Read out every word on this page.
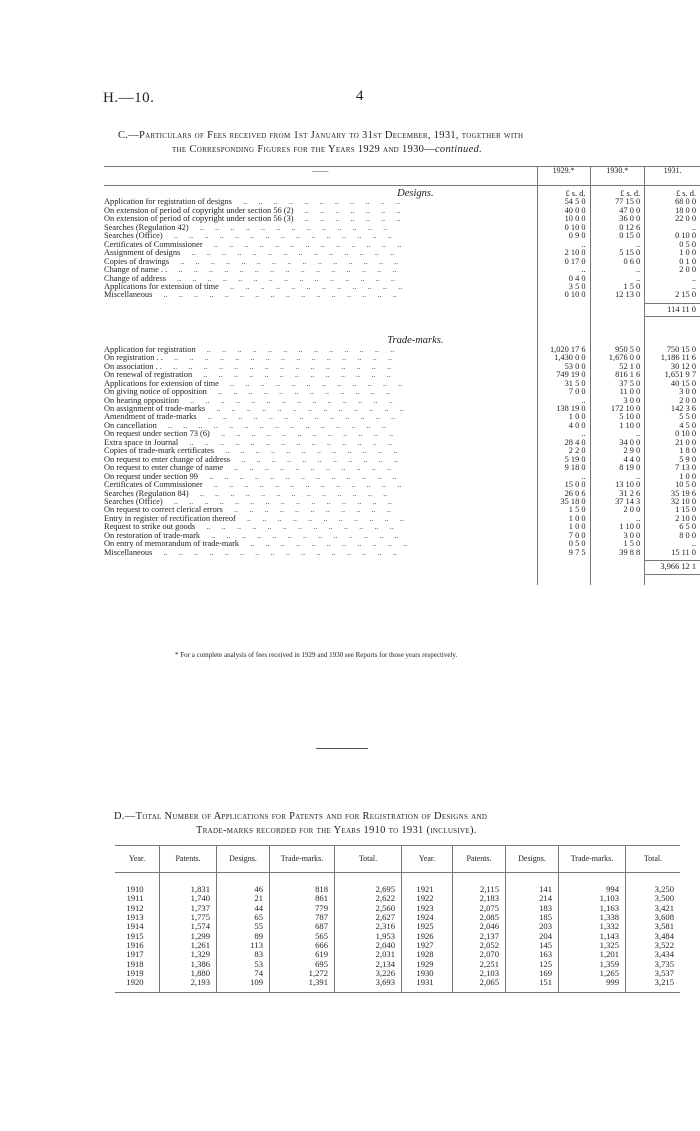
H.—10.	4
C.—Particulars of Fees received from 1st January to 31st December, 1931, together with
the Corresponding Figures for the Years 1929 and 1930—continued.
——	1929.*	1930.*	1931.

Designs.	£ s. d.	£ s. d.	£ s. d.
Application for registration of designs .. .. .. .. .. .. .. .. .. .. ..	54 5 0	77 15 0	68 0 0
On extension of period of copyright under section 56 (2) .. .. .. .. .. .. ..	40 0 0	47 0 0	18 0 0
On extension of period of copyright under section 56 (3) .. .. .. .. .. .. ..	10 0 0	36 0 0	22 0 0
Searches (Regulation 42) .. .. .. .. .. .. .. .. .. .. .. .. ..	0 10 0	0 12 6	..
Searches (Office) .. .. .. .. .. .. .. .. .. .. .. .. .. .. ..	0 9 0	0 15 0	0 10 0
Certificates of Commissioner .. .. .. .. .. .. .. .. .. .. .. .. ..	..	..	0 5 0
Assignment of designs .. .. .. .. .. .. .. .. .. .. .. .. .. ..	2 10 0	5 15 0	1 0 0
Copies of drawings .. .. .. .. .. .. .. .. .. .. .. .. .. .. ..	0 17 0	0 6 0	0 1 0
Change of name . . .. .. .. .. .. .. .. .. .. .. .. .. .. .. ..	..	..	2 0 0
Change of address .. .. .. .. .. .. .. .. .. .. .. .. .. .. ..	0 4 0	..	..
Applications for extension of time .. .. .. .. .. .. .. .. .. .. .. ..	3 5 0	1 5 0	..
Miscellaneous .. .. .. .. .. .. .. .. .. .. .. .. .. .. .. ..	0 10 0	12 13 0	2 15 0

			114 11 0

Trade-marks.			
Application for registration .. .. .. .. .. .. .. .. .. .. .. .. ..	1,020 17 6	950 5 0	750 15 0
On registration . . .. .. .. .. .. .. .. .. .. .. .. .. .. .. ..	1,430 0 0	1,676 0 0	1,186 11 6
On association . . .. .. .. .. .. .. .. .. .. .. .. .. .. .. ..	53 0 0	52 1 0	30 12 0
On renewal of registration .. .. .. .. .. .. .. .. .. .. .. .. ..	749 19 0	816 1 6	1,651 9 7
Applications for extension of time .. .. .. .. .. .. .. .. .. .. .. ..	31 5 0	37 5 0	40 15 0
On giving notice of opposition .. .. .. .. .. .. .. .. .. .. .. ..	7 0 0	11 0 0	3 0 0
On hearing opposition .. .. .. .. .. .. .. .. .. .. .. .. .. ..	..	3 0 0	2 0 0
On assignment of trade-marks .. .. .. .. .. .. .. .. .. .. .. .. ..	138 19 0	172 10 0	142 3 6
Amendment of trade-marks .. .. .. .. .. .. .. .. .. .. .. .. ..	1 0 0	5 10 0	5 5 0
On cancellation .. .. .. .. .. .. .. .. .. .. .. .. .. .. ..	4 0 0	1 10 0	4 5 0
On request under section 73 (6) .. .. .. .. .. .. .. .. .. .. .. ..	..	..	0 10 0
Extra space in Journal .. .. .. .. .. .. .. .. .. .. .. .. .. ..	28 4 0	34 0 0	21 0 0
Copies of trade-mark certificates .. .. .. .. .. .. .. .. .. .. .. ..	2 2 0	2 9 0	1 8 0
On request to enter change of address .. .. .. .. .. .. .. .. .. .. ..	5 19 0	4 4 0	5 9 0
On request to enter change of name .. .. .. .. .. .. .. .. .. .. ..	9 18 0	8 19 0	7 13 0
On request under section 99 .. .. .. .. .. .. .. .. .. .. .. .. ..	..	..	1 0 0
Certificates of Commissioner .. .. .. .. .. .. .. .. .. .. .. .. ..	15 0 0	13 10 0	10 5 0
Searches (Regulation 84) .. .. .. .. .. .. .. .. .. .. .. .. ..	26 0 6	31 2 6	35 19 6
Searches (Office) .. .. .. .. .. .. .. .. .. .. .. .. .. .. ..	35 18 0	37 14 3	32 10 0
On request to correct clerical errors .. .. .. .. .. .. .. .. .. .. ..	1 5 0	2 0 0	1 15 0
Entry in register of rectification thereof .. .. .. .. .. .. .. .. .. .. ..	1 0 0	..	2 10 0
Request to strike out goods .. .. .. .. .. .. .. .. .. .. .. .. ..	1 0 0	1 10 0	6 5 0
On restoration of trade-mark .. .. .. .. .. .. .. .. .. .. .. .. ..	7 0 0	3 0 0	8 0 0
On entry of memorandum of trade-mark .. .. .. .. .. .. .. .. .. .. ..	0 5 0	1 5 0	..
Miscellaneous .. .. .. .. .. .. .. .. .. .. .. .. .. .. .. ..	9 7 5	39 8 8	15 11 0

			3,966 12 1

* For a complete analysis of fees received in 1929 and 1930 see Reports for those years respectively.
D.—Total Number of Applications for Patents and for Registration of Designs and
Trade-marks recorded for the Years 1910 to 1931 (inclusive).
Year.	Patents.	Designs.	Trade-marks.	Total.	Year.	Patents.	Designs.	Trade-marks.	Total.
1910	1,831	46	818	2,695	1921	2,115	141	994	3,250
1911	1,740	21	861	2,622	1922	2,183	214	1,103	3,500
1912	1,737	44	779	2,560	1923	2,075	183	1,163	3,421
1913	1,775	65	787	2,627	1924	2,085	185	1,338	3,608
1914	1,574	55	687	2,316	1925	2,046	203	1,332	3,581
1915	1,299	89	565	1,953	1926	2,137	204	1,143	3,484
1916	1,261	113	666	2,040	1927	2,052	145	1,325	3,522
1917	1,329	83	619	2,031	1928	2,070	163	1,201	3,434
1918	1,386	53	695	2,134	1929	2,251	125	1,359	3,735
1919	1,880	74	1,272	3,226	1930	2,103	169	1,265	3,537
1920	2,193	109	1,391	3,693	1931	2,065	151	999	3,215
